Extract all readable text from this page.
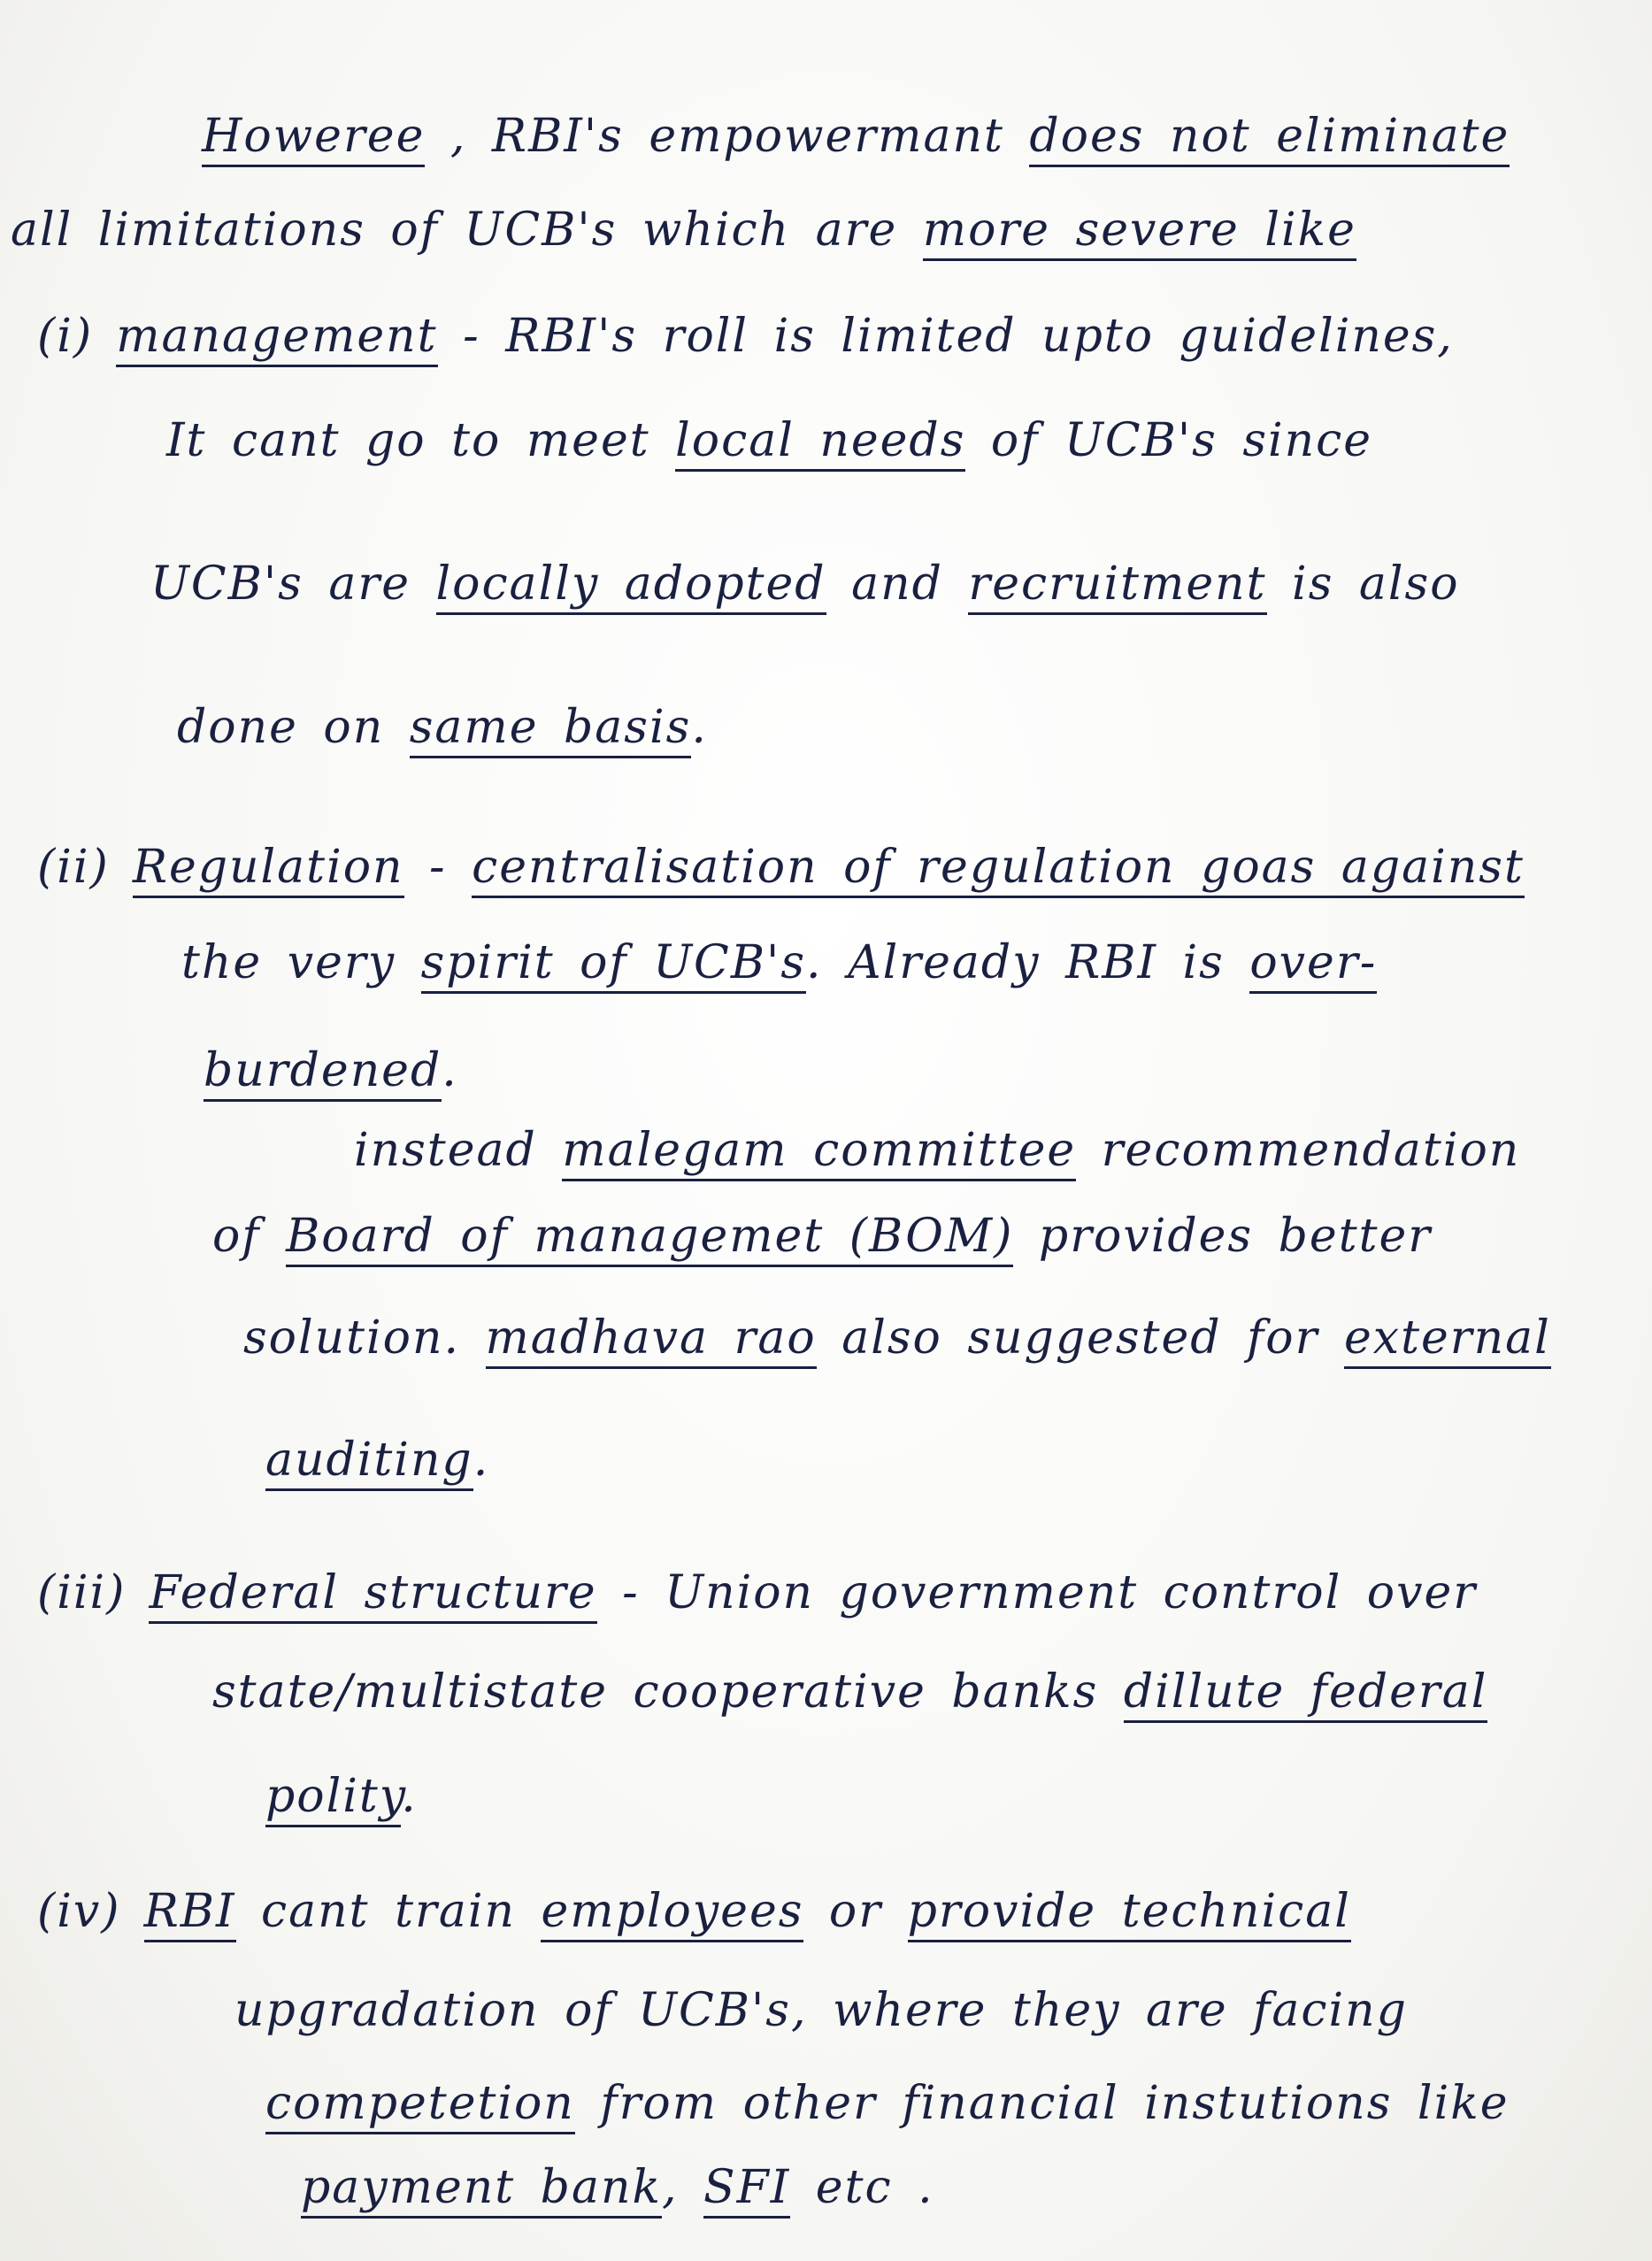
Howeree , RBI's empowermant does not eliminate
all limitations of UCB's which are more severe like
(i) management - RBI's roll is limited upto guidelines,
It cant go to meet local needs of UCB's since
UCB's are locally adopted and recruitment is also
done on same basis.
(ii) Regulation - centralisation of regulation goas against
the very spirit of UCB's. Already RBI is over-
burdened.
instead malegam committee recommendation
of Board of managemet (BOM) provides better
solution. madhava rao also suggested for external
auditing.
(iii) Federal structure - Union government control over
state/multistate cooperative banks dillute federal
polity.
(iv) RBI cant train employees or provide technical
upgradation of UCB's, where they are facing
competetion from other financial instutions like
payment bank, SFI etc .
